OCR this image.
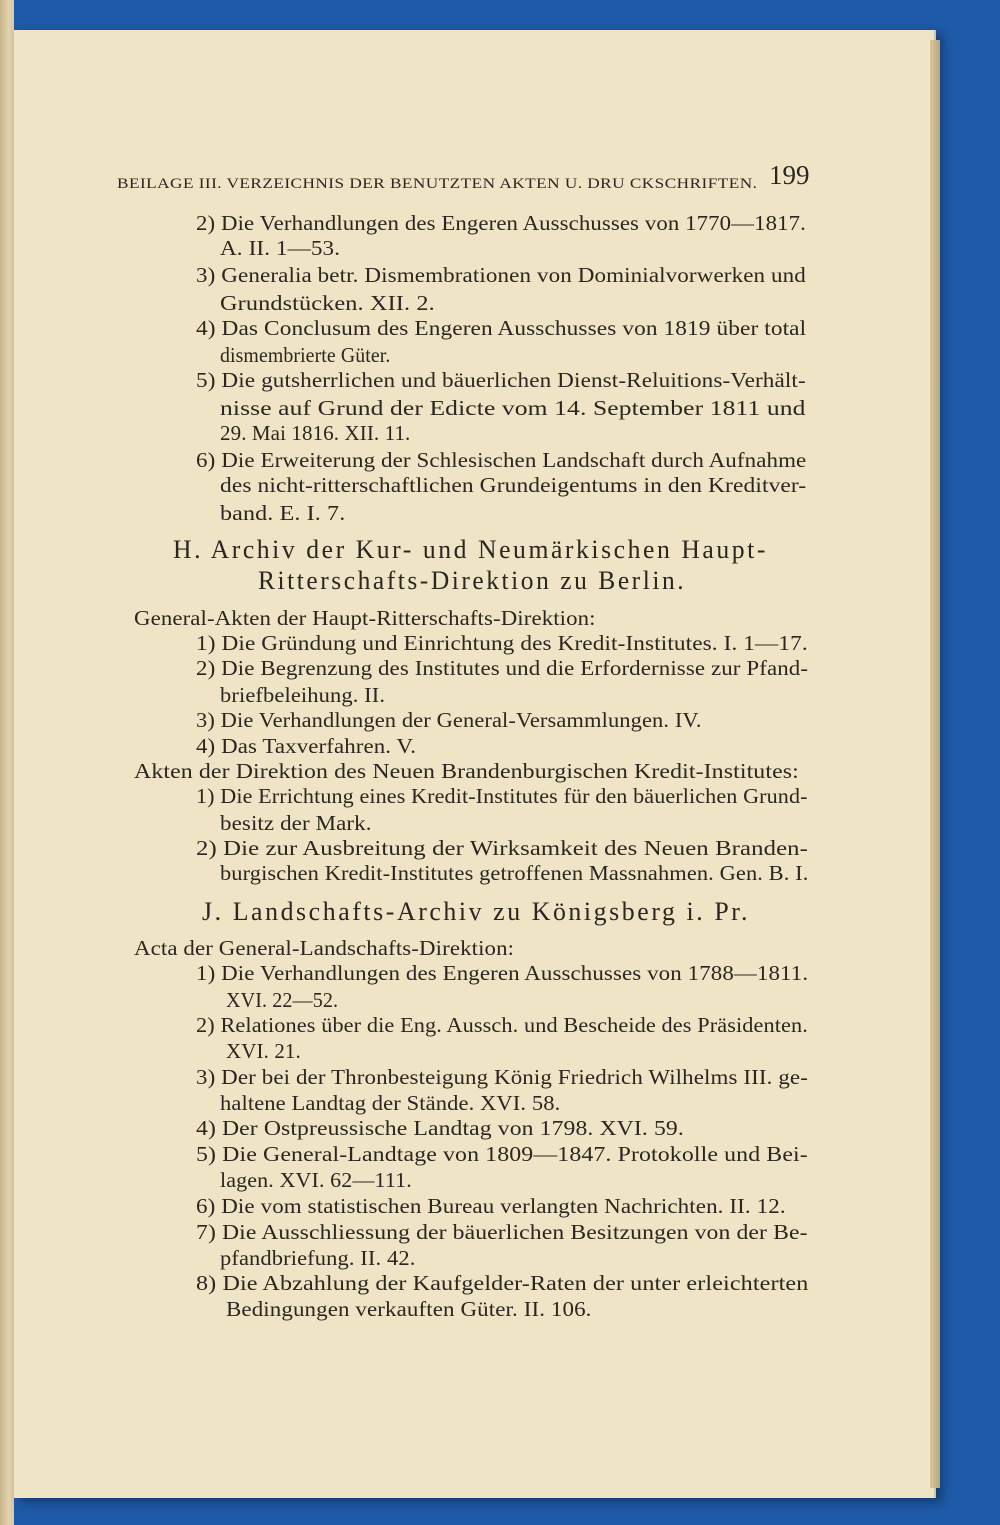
BEILAGE III. VERZEICHNIS DER BENUTZTEN AKTEN U. DRU CKSCHRIFTEN. 199
2) Die Verhandlungen des Engeren Ausschusses von 1770—1817.
A. II. 1—53.
3) Generalia betr. Dismembrationen von Dominialvorwerken und
Grundstücken. XII. 2.
4) Das Conclusum des Engeren Ausschusses von 1819 über total
dismembrierte Güter.
5) Die gutsherrlichen und bäuerlichen Dienst-Reluitions-Verhält-
nisse auf Grund der Edicte vom 14. September 1811 und
29. Mai 1816. XII. 11.
6) Die Erweiterung der Schlesischen Landschaft durch Aufnahme
des nicht-ritterschaftlichen Grundeigentums in den Kreditver-
band. E. I. 7.
H. Archiv der Kur- und Neumärkischen Haupt-
Ritterschafts-Direktion zu Berlin.
General-Akten der Haupt-Ritterschafts-Direktion:
1) Die Gründung und Einrichtung des Kredit-Institutes. I. 1—17.
2) Die Begrenzung des Institutes und die Erfordernisse zur Pfand-
briefbeleihung. II.
3) Die Verhandlungen der General-Versammlungen. IV.
4) Das Taxverfahren. V.
Akten der Direktion des Neuen Brandenburgischen Kredit-Institutes:
1) Die Errichtung eines Kredit-Institutes für den bäuerlichen Grund-
besitz der Mark.
2) Die zur Ausbreitung der Wirksamkeit des Neuen Branden-
burgischen Kredit-Institutes getroffenen Massnahmen. Gen. B. I.
J. Landschafts-Archiv zu Königsberg i. Pr.
Acta der General-Landschafts-Direktion:
1) Die Verhandlungen des Engeren Ausschusses von 1788—1811.
XVI. 22—52.
2) Relationes über die Eng. Aussch. und Bescheide des Präsidenten.
XVI. 21.
3) Der bei der Thronbesteigung König Friedrich Wilhelms III. ge-
haltene Landtag der Stände. XVI. 58.
4) Der Ostpreussische Landtag von 1798. XVI. 59.
5) Die General-Landtage von 1809—1847. Protokolle und Bei-
lagen. XVI. 62—111.
6) Die vom statistischen Bureau verlangten Nachrichten. II. 12.
7) Die Ausschliessung der bäuerlichen Besitzungen von der Be-
pfandbriefung. II. 42.
8) Die Abzahlung der Kaufgelder-Raten der unter erleichterten
Bedingungen verkauften Güter. II. 106.
